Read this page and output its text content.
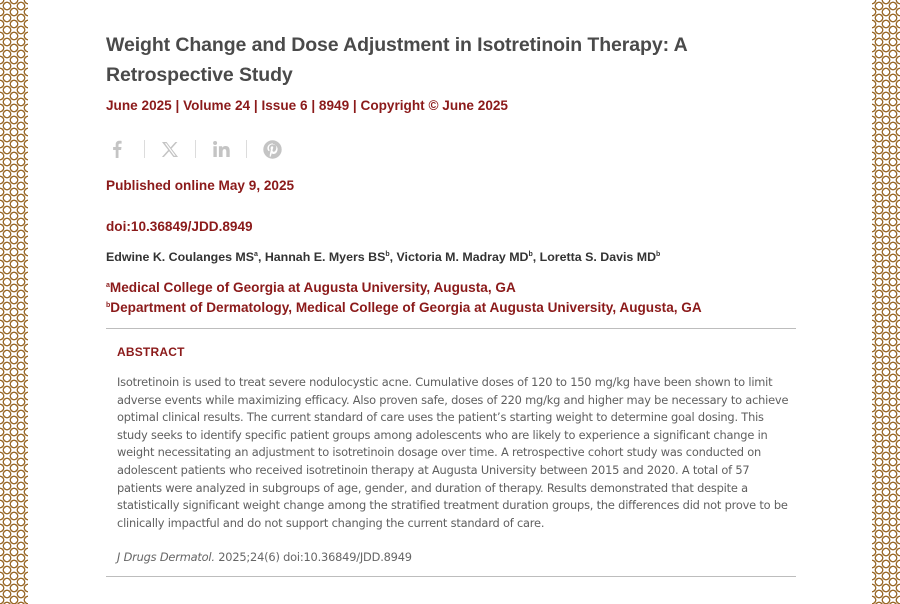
Weight Change and Dose Adjustment in Isotretinoin Therapy: A Retrospective Study
June 2025 | Volume 24 | Issue 6 | 8949 | Copyright © June 2025
Published online May 9, 2025
doi:10.36849/JDD.8949
Edwine K. Coulanges $MS^a$, Hannah E. Myers $BS^b$, Victoria M. Madray $MD^b$, Loretta S. Davis $MD^b$
$^a$Medical College of Georgia at Augusta University, Augusta, GA
$^b$Department of Dermatology, Medical College of Georgia at Augusta University, Augusta, GA
ABSTRACT

Isotretinoin is used to treat severe nodulocystic acne. Cumulative doses of 120 to 150 mg/kg have been shown to limit adverse events while maximizing efficacy. Also proven safe, doses of 220 mg/kg and higher may be necessary to achieve optimal clinical results. The current standard of care uses the patient’s starting weight to determine goal dosing. This study seeks to identify specific patient groups among adolescents who are likely to experience a significant change in weight necessitating an adjustment to isotretinoin dosage over time. A retrospective cohort study was conducted on adolescent patients who received isotretinoin therapy at Augusta University between 2015 and 2020. A total of 57 patients were analyzed in subgroups of age, gender, and duration of therapy. Results demonstrated that despite a statistically significant weight change among the stratified treatment duration groups, the differences did not prove to be clinically impactful and do not support changing the current standard of care.

J Drugs Dermatol. 2025;24(6) doi:10.36849/JDD.8949
